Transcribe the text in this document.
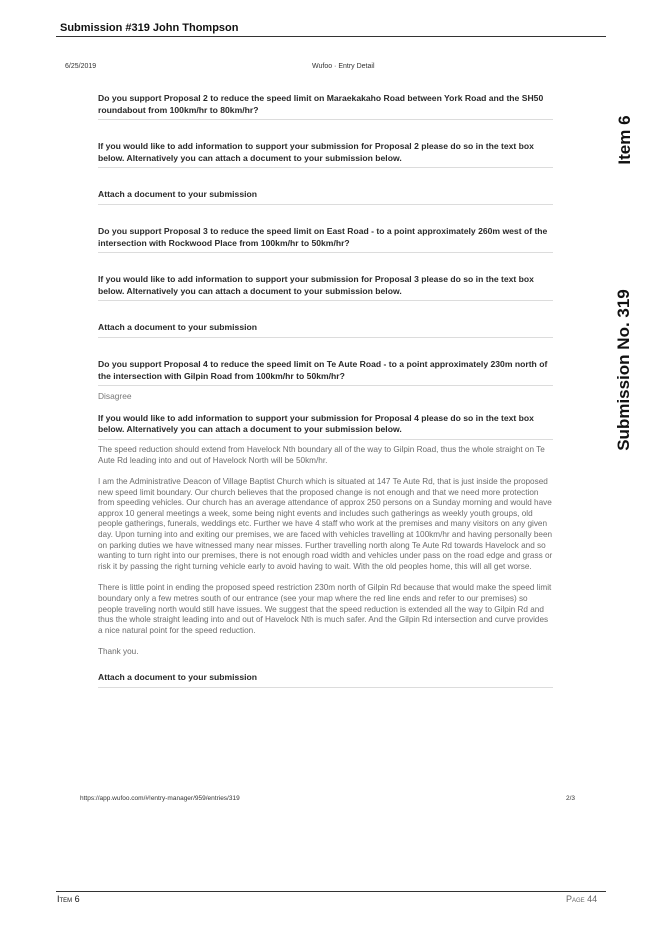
Submission #319 John Thompson
6/25/2019	Wufoo · Entry Detail
Item 6
Submission No. 319
Do you support Proposal 2 to reduce the speed limit on Maraekakaho Road between York Road and the SH50 roundabout from 100km/hr to 80km/hr?
If you would like to add information to support your submission for Proposal 2 please do so in the text box below. Alternatively you can attach a document to your submission below.
Attach a document to your submission
Do you support Proposal 3 to reduce the speed limit on East Road - to a point approximately 260m west of the intersection with Rockwood Place from 100km/hr to 50km/hr?
If you would like to add information to support your submission for Proposal 3 please do so in the text box below. Alternatively you can attach a document to your submission below.
Attach a document to your submission
Do you support Proposal 4 to reduce the speed limit on Te Aute Road - to a point approximately 230m north of the intersection with Gilpin Road from 100km/hr to 50km/hr?
Disagree
If you would like to add information to support your submission for Proposal 4 please do so in the text box below. Alternatively you can attach a document to your submission below.
The speed reduction should extend from Havelock Nth boundary all of the way to Gilpin Road, thus the whole straight on Te Aute Rd leading into and out of Havelock North will be 50km/hr.
I am the Administrative Deacon of Village Baptist Church which is situated at 147 Te Aute Rd, that is just inside the proposed new speed limit boundary. Our church believes that the proposed change is not enough and that we need more protection from speeding vehicles. Our church has an average attendance of approx 250 persons on a Sunday morning and would have approx 10 general meetings a week, some being night events and includes such gatherings as weekly youth groups, old people gatherings, funerals, weddings etc. Further we have 4 staff who work at the premises and many visitors on any given day. Upon turning into and exiting our premises, we are faced with vehicles travelling at 100km/hr and having personally been on parking duties we have witnessed many near misses. Further travelling north along Te Aute Rd towards Havelock and so wanting to turn right into our premises, there is not enough road width and vehicles under pass on the road edge and grass or risk it by passing the right turning vehicle early to avoid having to wait. With the old peoples home, this will all get worse.
There is little point in ending the proposed speed restriction 230m north of Gilpin Rd because that would make the speed limit boundary only a few metres south of our entrance (see your map where the red line ends and refer to our premises) so people traveling north would still have issues. We suggest that the speed reduction is extended all the way to Gilpin Rd and thus the whole straight leading into and out of Havelock Nth is much safer. And the Gilpin Rd intersection and curve provides a nice natural point for the speed reduction.
Thank you.
Attach a document to your submission
https://app.wufoo.com/#!entry-manager/959/entries/319	2/3
Item 6	Page 44
